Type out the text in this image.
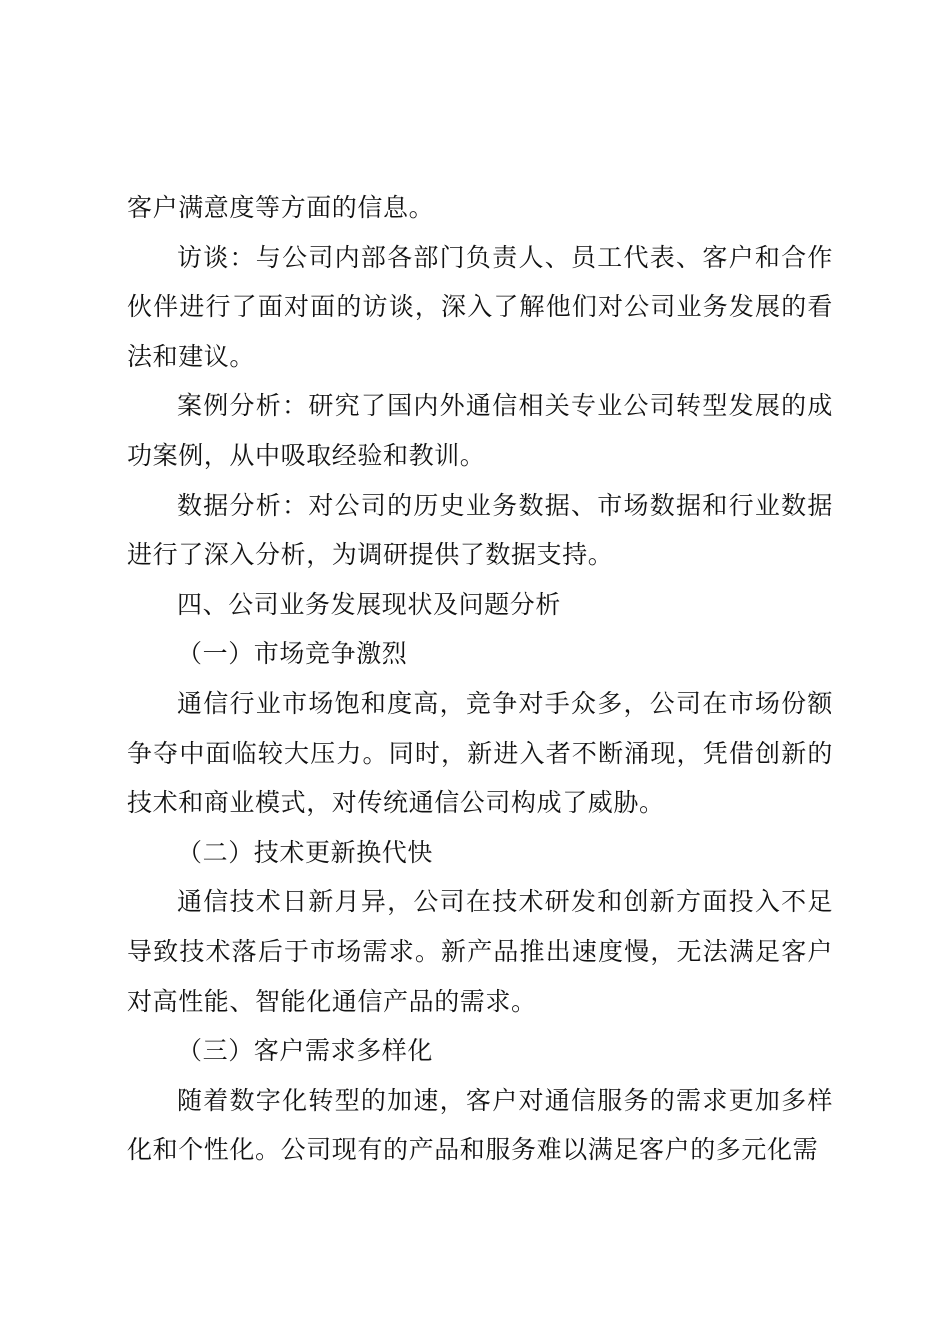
客户满意度等方面的信息。

访谈：与公司内部各部门负责人、员工代表、客户和合作伙伴进行了面对面的访谈，深入了解他们对公司业务发展的看法和建议。

案例分析：研究了国内外通信相关专业公司转型发展的成功案例，从中吸取经验和教训。

数据分析：对公司的历史业务数据、市场数据和行业数据进行了深入分析，为调研提供了数据支持。

四、公司业务发展现状及问题分析

（一）市场竞争激烈

通信行业市场饱和度高，竞争对手众多，公司在市场份额争夺中面临较大压力。同时，新进入者不断涌现，凭借创新的技术和商业模式，对传统通信公司构成了威胁。

（二）技术更新换代快

通信技术日新月异，公司在技术研发和创新方面投入不足导致技术落后于市场需求。新产品推出速度慢，无法满足客户对高性能、智能化通信产品的需求。

（三）客户需求多样化

随着数字化转型的加速，客户对通信服务的需求更加多样化和个性化。公司现有的产品和服务难以满足客户的多元化需
